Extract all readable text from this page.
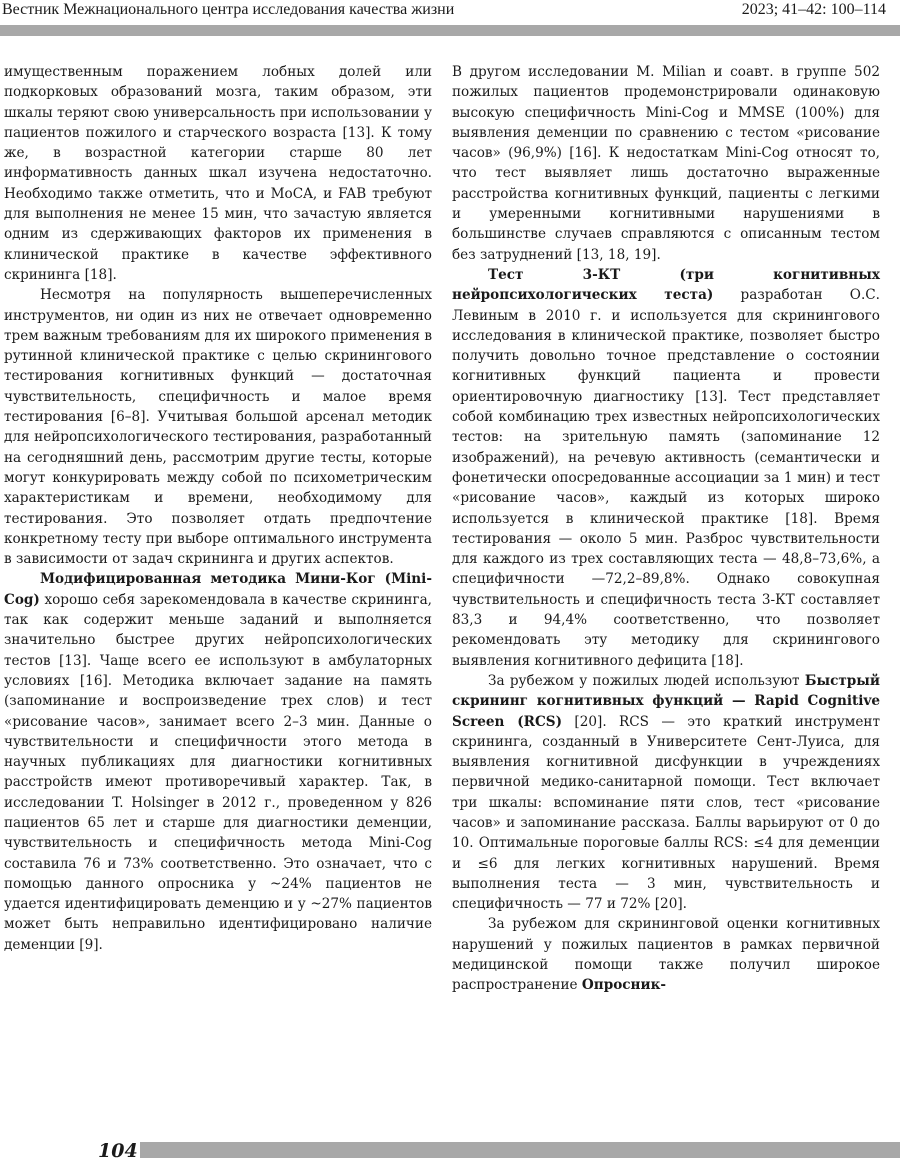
Вестник Межнационального центра исследования качества жизни	2023; 41–42: 100–114

имущественным поражением лобных долей или подкорковых образований мозга, таким образом, эти шкалы теряют свою универсальность при использовании у пациентов пожилого и старческого возраста [13]. К тому же, в возрастной категории старше 80 лет информативность данных шкал изучена недостаточно. Необходимо также отметить, что и MoCA, и FAB требуют для выполнения не менее 15 мин, что зачастую является одним из сдерживающих факторов их применения в клинической практике в качестве эффективного скрининга [18].

Несмотря на популярность вышеперечисленных инструментов, ни один из них не отвечает одновременно трем важным требованиям для их широкого применения в рутинной клинической практике с целью скринингового тестирования когнитивных функций — достаточная чувствительность, специфичность и малое время тестирования [6–8]. Учитывая большой арсенал методик для нейропсихологического тестирования, разработанный на сегодняшний день, рассмотрим другие тесты, которые могут конкурировать между собой по психометрическим характеристикам и времени, необходимому для тестирования. Это позволяет отдать предпочтение конкретному тесту при выборе оптимального инструмента в зависимости от задач скрининга и других аспектов.

Модифицированная методика Мини-Ког (Mini-Cog) хорошо себя зарекомендовала в качестве скрининга, так как содержит меньше заданий и выполняется значительно быстрее других нейропсихологических тестов [13]. Чаще всего ее используют в амбулаторных условиях [16]. Методика включает задание на память (запоминание и воспроизведение трех слов) и тест «рисование часов», занимает всего 2–3 мин. Данные о чувствительности и специфичности этого метода в научных публикациях для диагностики когнитивных расстройств имеют противоречивый характер. Так, в исследовании T. Holsinger в 2012 г., проведенном у 826 пациентов 65 лет и старше для диагностики деменции, чувствительность и специфичность метода Mini-Cog составила 76 и 73% соответственно. Это означает, что с помощью данного опросника у ~24% пациентов не удается идентифицировать деменцию и у ~27% пациентов может быть неправильно идентифицировано наличие деменции [9].

В другом исследовании M. Milian и соавт. в группе 502 пожилых пациентов продемонстрировали одинаковую высокую специфичность Mini-Cog и MMSE (100%) для выявления деменции по сравнению с тестом «рисование часов» (96,9%) [16]. К недостаткам Mini-Cog относят то, что тест выявляет лишь достаточно выраженные расстройства когнитивных функций, пациенты с легкими и умеренными когнитивными нарушениями в большинстве случаев справляются с описанным тестом без затруднений [13, 18, 19].

Тест 3-КТ (три когнитивных нейропсихологических теста) разработан О.С. Левиным в 2010 г. и используется для скринингового исследования в клинической практике, позволяет быстро получить довольно точное представление о состоянии когнитивных функций пациента и провести ориентировочную диагностику [13]. Тест представляет собой комбинацию трех известных нейропсихологических тестов: на зрительную память (запоминание 12 изображений), на речевую активность (семантически и фонетически опосредованные ассоциации за 1 мин) и тест «рисование часов», каждый из которых широко используется в клинической практике [18]. Время тестирования — около 5 мин. Разброс чувствительности для каждого из трех составляющих теста — 48,8–73,6%, а специфичности —72,2–89,8%. Однако совокупная чувствительность и специфичность теста 3-КТ составляет 83,3 и 94,4% соответственно, что позволяет рекомендовать эту методику для скринингового выявления когнитивного дефицита [18].

За рубежом у пожилых людей используют Быстрый скрининг когнитивных функций — Rapid Cognitive Screen (RCS) [20]. RCS — это краткий инструмент скрининга, созданный в Университете Сент-Луиса, для выявления когнитивной дисфункции в учреждениях первичной медико-санитарной помощи. Тест включает три шкалы: вспоминание пяти слов, тест «рисование часов» и запоминание рассказа. Баллы варьируют от 0 до 10. Оптимальные пороговые баллы RCS: ≤4 для деменции и ≤6 для легких когнитивных нарушений. Время выполнения теста — 3 мин, чувствительность и специфичность — 77 и 72% [20].

За рубежом для скрининговой оценки когнитивных нарушений у пожилых пациентов в рамках первичной медицинской помощи также получил широкое распространение Опросник-

104
